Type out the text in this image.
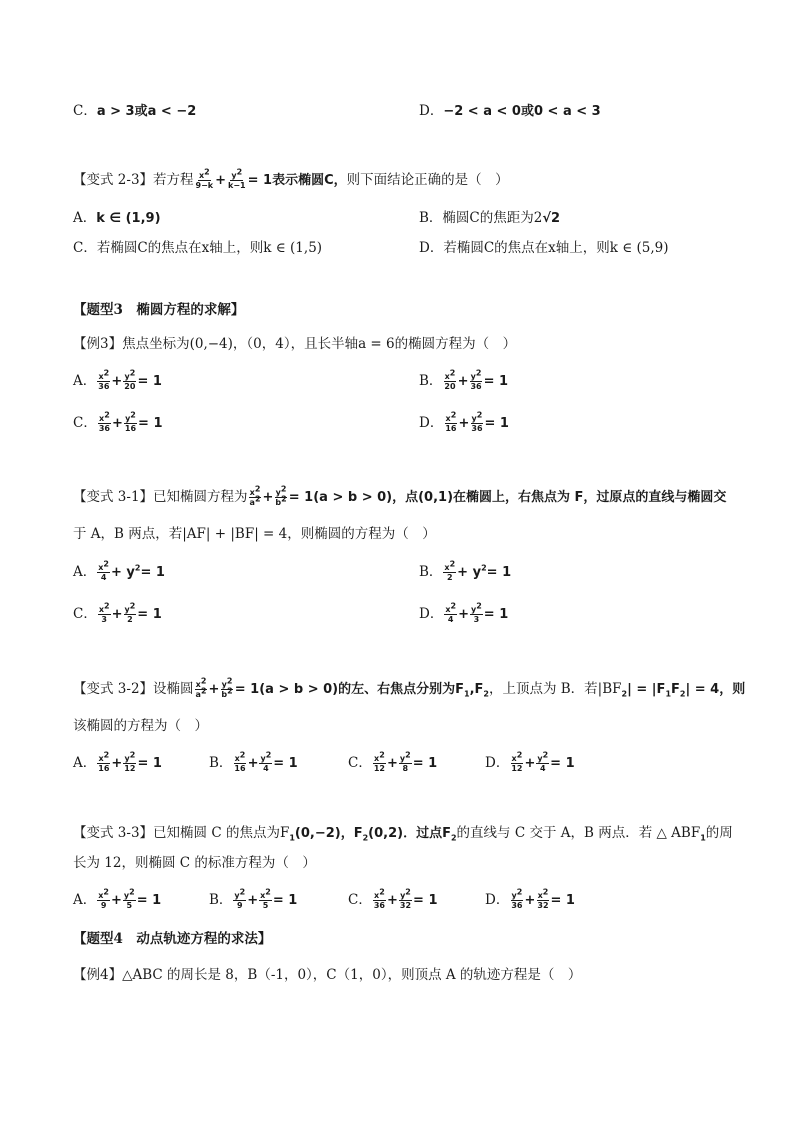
C．a > 3或a < −2	D．−2 < a < 0或0 < a < 3
【变式 2-3】若方程 $\frac{x^2}{9-k} + \frac{y^2}{k-1} = 1$表示椭圆C，则下面结论正确的是（　）
A．k ∈ (1,9)	B．椭圆C的焦距为2√2
C．若椭圆C的焦点在x轴上，则k ∈ (1,5)	D．若椭圆C的焦点在x轴上，则k ∈ (5,9)
【题型3　椭圆方程的求解】
【例3】焦点坐标为(0,−4)，（0，4），且长半轴a = 6的椭圆方程为（　）
A． $\frac{x^2}{36} + \frac{y^2}{20} = 1$	B． $\frac{x^2}{20} + \frac{y^2}{36} = 1$
C． $\frac{x^2}{36} + \frac{y^2}{16} = 1$	D． $\frac{x^2}{16} + \frac{y^2}{36} = 1$
【变式 3-1】已知椭圆方程为 $\frac{x^2}{a^2} + \frac{y^2}{b^2} = 1(a > b > 0)$，点(0,1)在椭圆上，右焦点为 F，过原点的直线与椭圆交
于 A，B 两点，若|AF| + |BF| = 4，则椭圆的方程为（　）
A． $\frac{x^2}{4} + y^2= 1$	B． $\frac{x^2}{2} + y^2= 1$
C． $\frac{x^2}{3} + \frac{y^2}{2} = 1$	D． $\frac{x^2}{4} + \frac{y^2}{3} = 1$
【变式 3-2】设椭圆 $\frac{x^2}{a^2} + \frac{y^2}{b^2} = 1(a > b > 0)$的左、右焦点分别为$F_1,F_2$，上顶点为 B．若$|BF_2| = |F_1F_2| = 4$，则
该椭圆的方程为（　）
A． $\frac{x^2}{16} + \frac{y^2}{12} = 1$	B． $\frac{x^2}{16} + \frac{y^2}{4} = 1$	C． $\frac{x^2}{12} + \frac{y^2}{8} = 1$	D． $\frac{x^2}{12} + \frac{y^2}{4} = 1$
【变式 3-3】已知椭圆 C 的焦点为$F_1(0,-2)$，$F_2(0,2)$．过点$F_2$的直线与 C 交于 A，B 两点．若 △ $ABF_1$的周
长为 12，则椭圆 C 的标准方程为（　）
A． $\frac{x^2}{9} + \frac{y^2}{5} = 1$	B． $\frac{y^2}{9} + \frac{x^2}{5} = 1$	C． $\frac{x^2}{36} + \frac{y^2}{32} = 1$	D． $\frac{y^2}{36} + \frac{x^2}{32} = 1$
【题型4　动点轨迹方程的求法】
【例4】△ABC 的周长是 8，B（-1，0），C（1，0），则顶点 A 的轨迹方程是（　）
